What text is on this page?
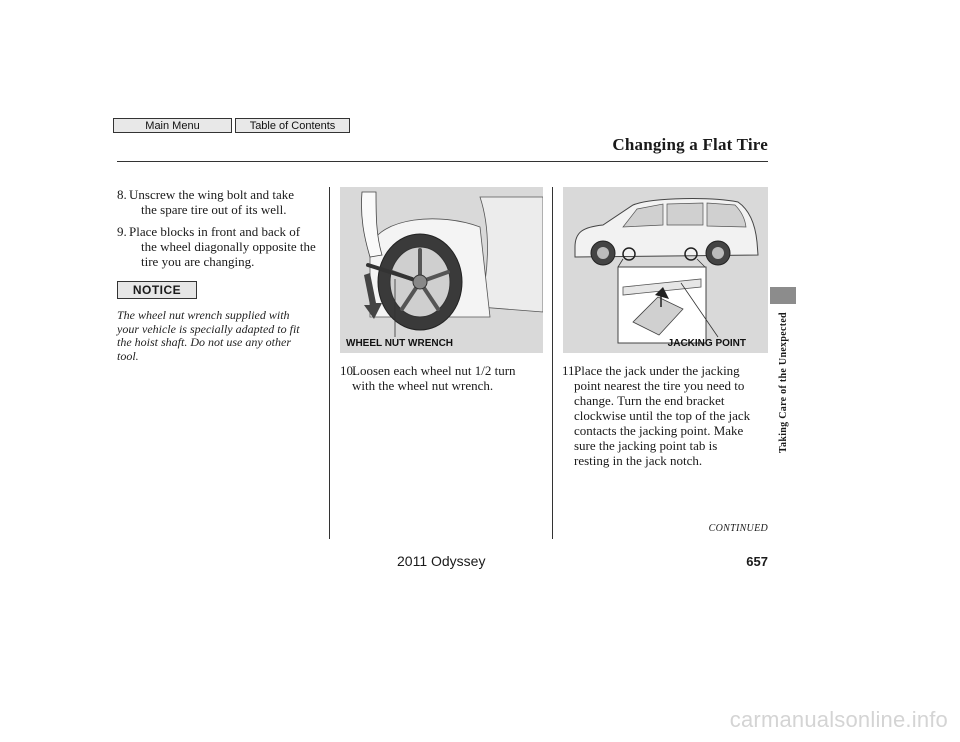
Main Menu	Table of Contents
Changing a Flat Tire
8. Unscrew the wing bolt and take
the spare tire out of its well.
9. Place blocks in front and back of
the wheel diagonally opposite the
tire you are changing.
NOTICE
The wheel nut wrench supplied with
your vehicle is specially adapted to fit
the hoist shaft. Do not use any other
tool.
WHEEL NUT WRENCH	JACKING POINT
10.
Loosen each wheel nut 1/2 turn
with the wheel nut wrench.
11.
Place the jack under the jacking
point nearest the tire you need to
change. Turn the end bracket
clockwise until the top of the jack
contacts the jacking point. Make
sure the jacking point tab is
resting in the jack notch.
Taking Care of the Unexpected
CONTINUED
2011 Odyssey	657
carmanualsonline.info
